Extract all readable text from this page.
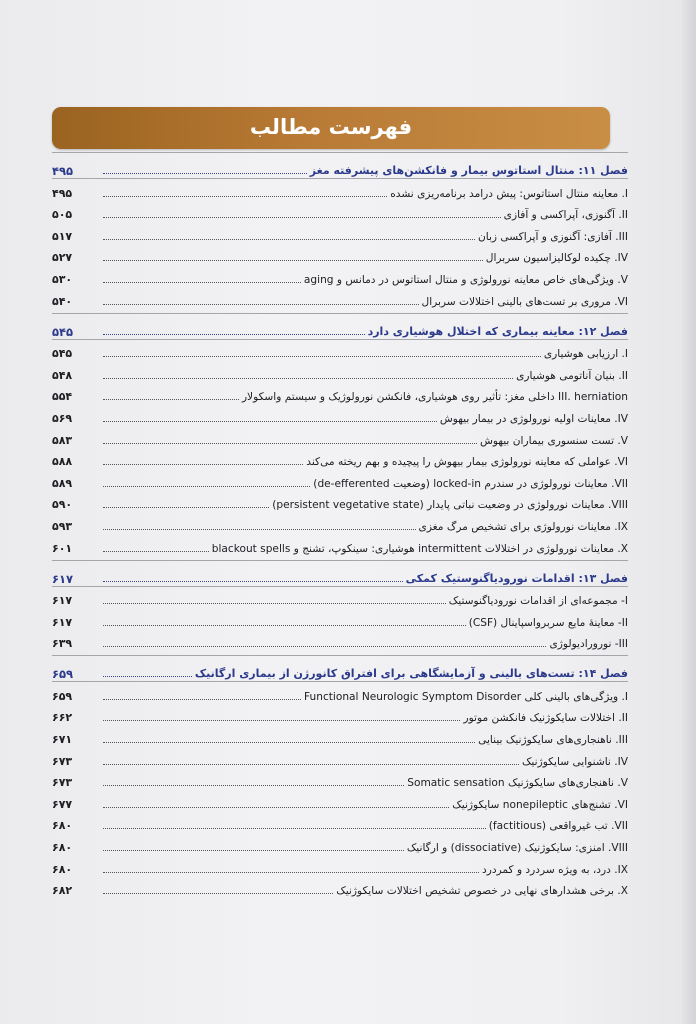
فهرست مطالب
۴۹۵	فصل ۱۱: منتال استاتوس بیمار و فانکشن‌های پیشرفته مغز
۴۹۵	I. معاینه منتال استاتوس: پیش درامد برنامه‌ریزی نشده
۵۰۵	II. آگنوزی، آپراکسی و آفازی
۵۱۷	III. آفازی: آگنوزی و آپراکسی زبان
۵۲۷	IV. چکیده لوکالیزاسیون سربرال
۵۳۰	V. ویژگی‌های خاص معاینه نورولوژی و منتال استاتوس در دمانس و aging
۵۴۰	VI. مروری بر تست‌های بالینی اختلالات سربرال
۵۴۵	فصل ۱۲: معاینه بیماری که اختلال هوشیاری دارد
۵۴۵	I. ارزیابی هوشیاری
۵۴۸	II. بنیان آناتومی هوشیاری
۵۵۴	III. herniation داخلی مغز: تأثیر روی هوشیاری، فانکشن نورولوژیک و سیستم واسکولار
۵۶۹	IV. معاینات اولیه نورولوژی در بیمار بیهوش
۵۸۳	V. تست سنسوری بیماران بیهوش
۵۸۸	VI. عواملی که معاینه نورولوژی بیمار بیهوش را پیچیده و بهم ریخته می‌کند
۵۸۹	VII. معاینات نورولوژی در سندرم locked-in (وضعیت de-efferented)
۵۹۰	VIII. معاینات نورولوژی در وضعیت نباتی پایدار (persistent vegetative state)
۵۹۳	IX. معاینات نورولوژی برای تشخیص مرگ مغزی
۶۰۱	X. معاینات نورولوژی در اختلالات intermittent هوشیاری: سینکوپ، تشنج و blackout spells
۶۱۷	فصل ۱۳: اقدامات نورودیاگنوستیک کمکی
۶۱۷	I- مجموعه‌ای از اقدامات نورودیاگنوستیک
۶۱۷	II- معاینهٔ مایع سربرواسپاینال (CSF)
۶۳۹	III- نورورادیولوژی
۶۵۹	فصل ۱۴: تست‌های بالینی و آزمایشگاهی برای افتراق کانورژن از بیماری ارگانیک
۶۵۹	I. ویژگی‌های بالینی کلی Functional Neurologic Symptom Disorder
۶۶۲	II. اختلالات سایکوژنیک فانکشن موتور
۶۷۱	III. ناهنجاری‌های سایکوژنیک بینایی
۶۷۳	IV. ناشنوایی سایکوژنیک
۶۷۳	V. ناهنجاری‌های سایکوژنیک Somatic sensation
۶۷۷	VI. تشنج‌های nonepileptic سایکوژنیک
۶۸۰	VII. تب غیرواقعی (factitious)
۶۸۰	VIII. امنزی: سایکوژنیک (dissociative) و ارگانیک
۶۸۰	IX. درد، به ویژه سردرد و کمردرد
۶۸۲	X. برخی هشدارهای نهایی در خصوص تشخیص اختلالات سایکوژنیک
